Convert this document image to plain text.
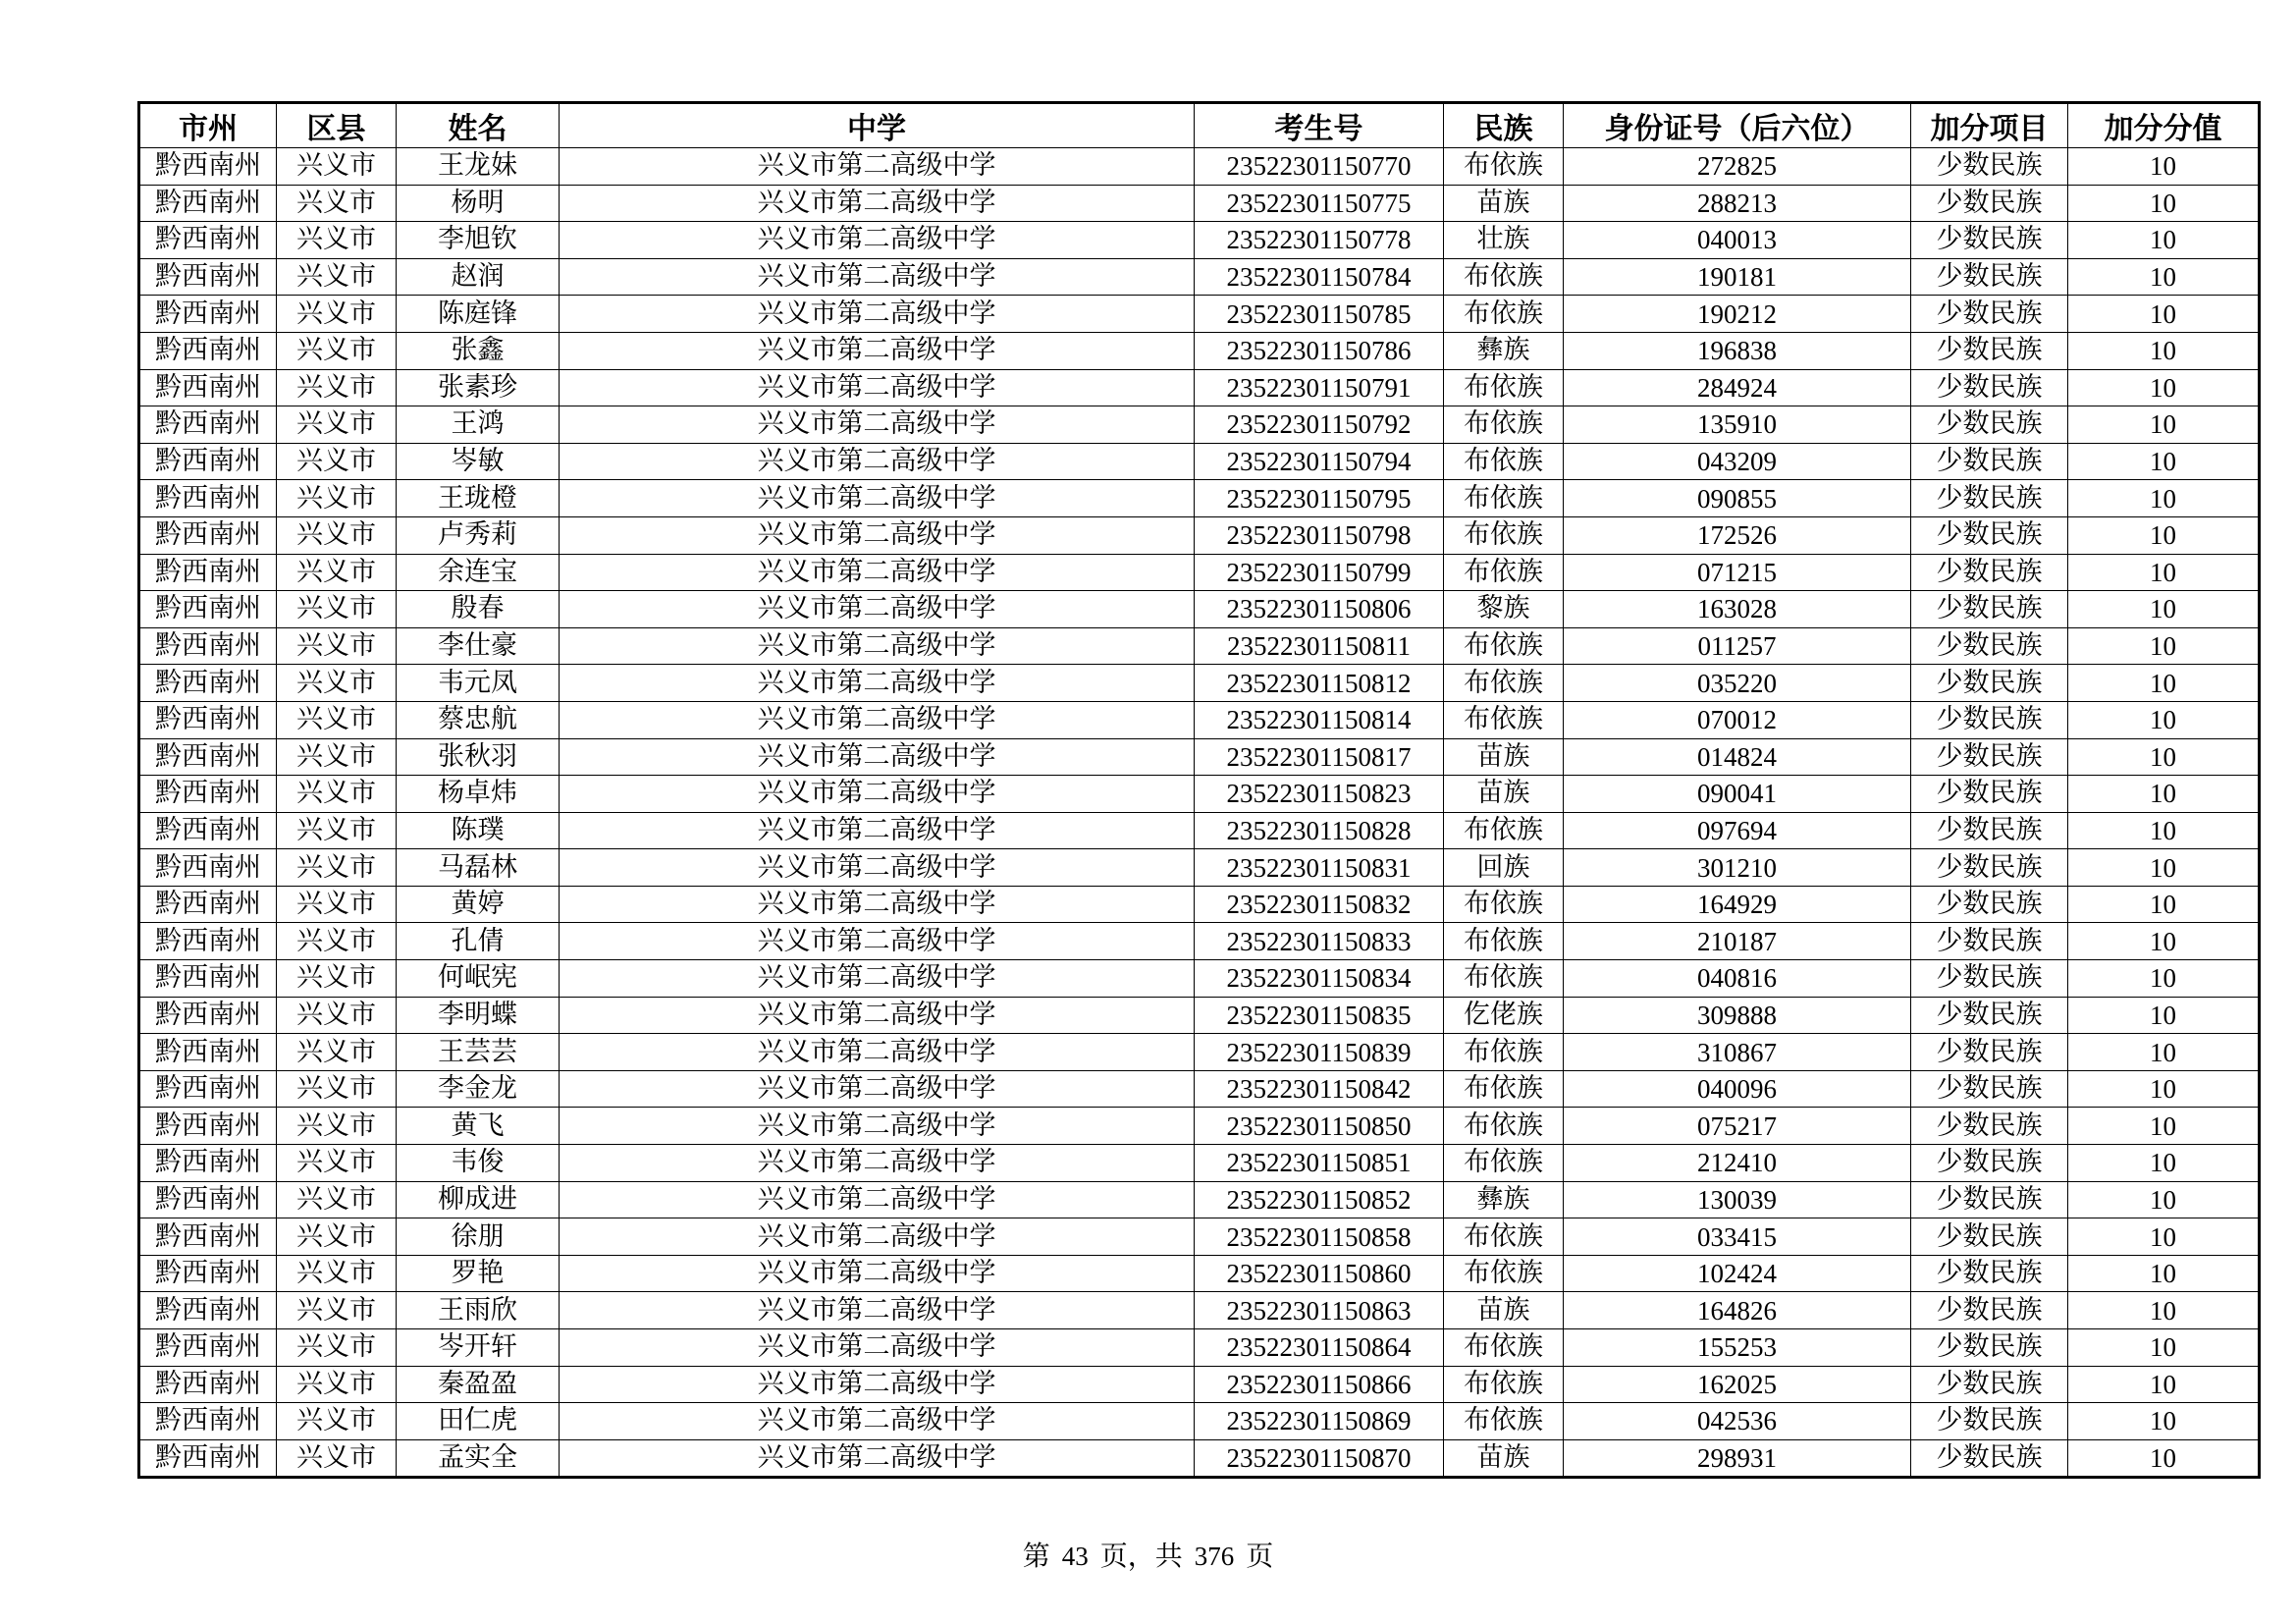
市州	区县	姓名	中学	考生号	民族	身份证号（后六位）	加分项目	加分分值
黔西南州	兴义市	王龙妹	兴义市第二高级中学	23522301150770	布依族	272825	少数民族	10
黔西南州	兴义市	杨明	兴义市第二高级中学	23522301150775	苗族	288213	少数民族	10
黔西南州	兴义市	李旭钦	兴义市第二高级中学	23522301150778	壮族	040013	少数民族	10
黔西南州	兴义市	赵润	兴义市第二高级中学	23522301150784	布依族	190181	少数民族	10
黔西南州	兴义市	陈庭锋	兴义市第二高级中学	23522301150785	布依族	190212	少数民族	10
黔西南州	兴义市	张鑫	兴义市第二高级中学	23522301150786	彝族	196838	少数民族	10
黔西南州	兴义市	张素珍	兴义市第二高级中学	23522301150791	布依族	284924	少数民族	10
黔西南州	兴义市	王鸿	兴义市第二高级中学	23522301150792	布依族	135910	少数民族	10
黔西南州	兴义市	岑敏	兴义市第二高级中学	23522301150794	布依族	043209	少数民族	10
黔西南州	兴义市	王珑橙	兴义市第二高级中学	23522301150795	布依族	090855	少数民族	10
黔西南州	兴义市	卢秀莉	兴义市第二高级中学	23522301150798	布依族	172526	少数民族	10
黔西南州	兴义市	余连宝	兴义市第二高级中学	23522301150799	布依族	071215	少数民族	10
黔西南州	兴义市	殷春	兴义市第二高级中学	23522301150806	黎族	163028	少数民族	10
黔西南州	兴义市	李仕豪	兴义市第二高级中学	23522301150811	布依族	011257	少数民族	10
黔西南州	兴义市	韦元凤	兴义市第二高级中学	23522301150812	布依族	035220	少数民族	10
黔西南州	兴义市	蔡忠航	兴义市第二高级中学	23522301150814	布依族	070012	少数民族	10
黔西南州	兴义市	张秋羽	兴义市第二高级中学	23522301150817	苗族	014824	少数民族	10
黔西南州	兴义市	杨卓炜	兴义市第二高级中学	23522301150823	苗族	090041	少数民族	10
黔西南州	兴义市	陈璞	兴义市第二高级中学	23522301150828	布依族	097694	少数民族	10
黔西南州	兴义市	马磊林	兴义市第二高级中学	23522301150831	回族	301210	少数民族	10
黔西南州	兴义市	黄婷	兴义市第二高级中学	23522301150832	布依族	164929	少数民族	10
黔西南州	兴义市	孔倩	兴义市第二高级中学	23522301150833	布依族	210187	少数民族	10
黔西南州	兴义市	何岷宪	兴义市第二高级中学	23522301150834	布依族	040816	少数民族	10
黔西南州	兴义市	李明蝶	兴义市第二高级中学	23522301150835	仡佬族	309888	少数民族	10
黔西南州	兴义市	王芸芸	兴义市第二高级中学	23522301150839	布依族	310867	少数民族	10
黔西南州	兴义市	李金龙	兴义市第二高级中学	23522301150842	布依族	040096	少数民族	10
黔西南州	兴义市	黄飞	兴义市第二高级中学	23522301150850	布依族	075217	少数民族	10
黔西南州	兴义市	韦俊	兴义市第二高级中学	23522301150851	布依族	212410	少数民族	10
黔西南州	兴义市	柳成进	兴义市第二高级中学	23522301150852	彝族	130039	少数民族	10
黔西南州	兴义市	徐朋	兴义市第二高级中学	23522301150858	布依族	033415	少数民族	10
黔西南州	兴义市	罗艳	兴义市第二高级中学	23522301150860	布依族	102424	少数民族	10
黔西南州	兴义市	王雨欣	兴义市第二高级中学	23522301150863	苗族	164826	少数民族	10
黔西南州	兴义市	岑开轩	兴义市第二高级中学	23522301150864	布依族	155253	少数民族	10
黔西南州	兴义市	秦盈盈	兴义市第二高级中学	23522301150866	布依族	162025	少数民族	10
黔西南州	兴义市	田仁虎	兴义市第二高级中学	23522301150869	布依族	042536	少数民族	10
黔西南州	兴义市	孟实全	兴义市第二高级中学	23522301150870	苗族	298931	少数民族	10
第 43 页，共 376 页
